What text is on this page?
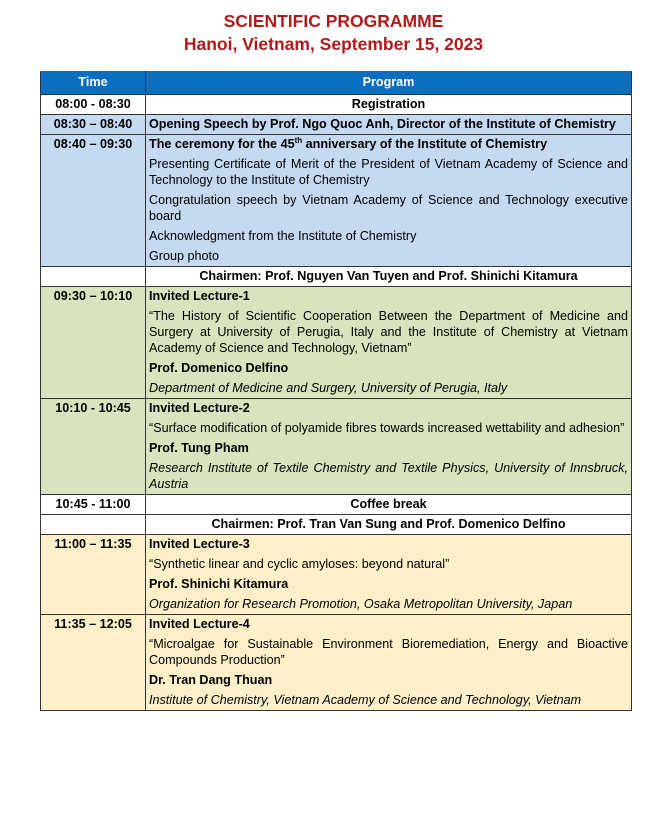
SCIENTIFIC PROGRAMME
Hanoi, Vietnam, September 15, 2023
Time	Program
08:00 - 08:30	Registration
08:30 – 08:40	Opening Speech by Prof. Ngo Quoc Anh, Director of the Institute of Chemistry

08:40 – 09:30	The ceremony for the 45th anniversary of the Institute of Chemistry

Presenting Certificate of Merit of the President of Vietnam Academy of Science and Technology to the Institute of Chemistry

Congratulation speech by Vietnam Academy of Science and Technology executive board

Acknowledgment from the Institute of Chemistry

Group photo

	Chairmen: Prof. Nguyen Van Tuyen and Prof. Shinichi Kitamura
09:30 – 10:10	Invited Lecture-1

“The History of Scientific Cooperation Between the Department of Medicine and Surgery at University of Perugia, Italy and the Institute of Chemistry at Vietnam Academy of Science and Technology, Vietnam”

Prof. Domenico Delfino

Department of Medicine and Surgery, University of Perugia, Italy

10:10 - 10:45	Invited Lecture-2

“Surface modification of polyamide fibres towards increased wettability and adhesion”

Prof. Tung Pham

Research Institute of Textile Chemistry and Textile Physics, University of Innsbruck, Austria

10:45 - 11:00	Coffee break
	Chairmen: Prof. Tran Van Sung and Prof. Domenico Delfino
11:00 – 11:35	Invited Lecture-3

“Synthetic linear and cyclic amyloses: beyond natural”

Prof. Shinichi Kitamura

Organization for Research Promotion, Osaka Metropolitan University, Japan

11:35 – 12:05	Invited Lecture-4

“Microalgae for Sustainable Environment Bioremediation, Energy and Bioactive Compounds Production”

Dr. Tran Dang Thuan

Institute of Chemistry, Vietnam Academy of Science and Technology, Vietnam
